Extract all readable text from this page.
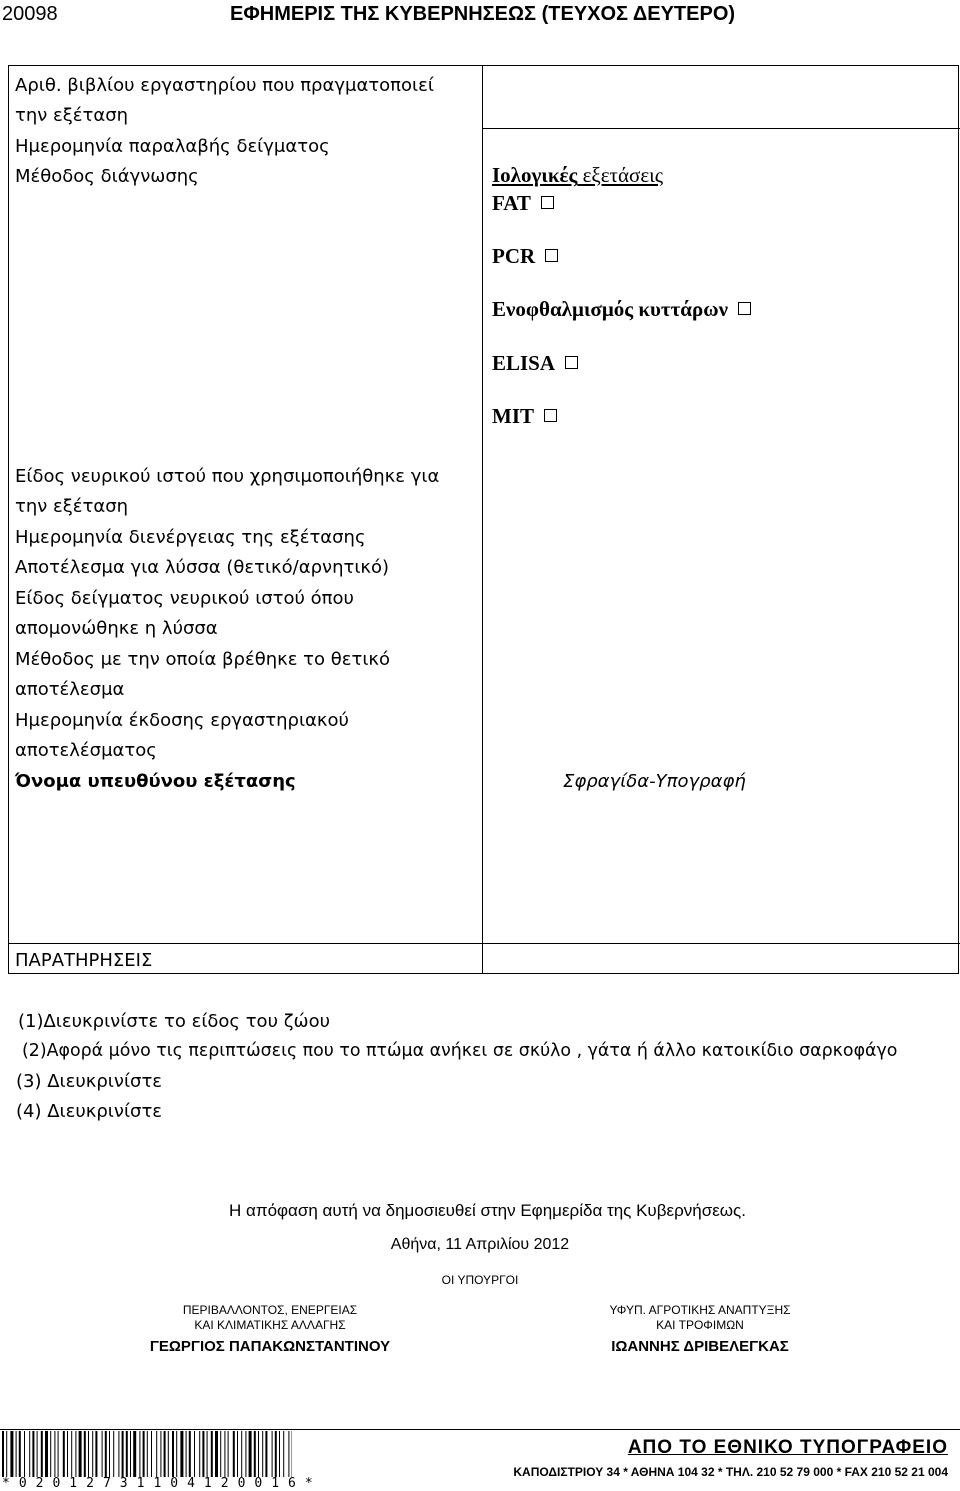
20098	ΕΦΗΜΕΡΙΣ ΤΗΣ ΚΥΒΕΡΝΗΣΕΩΣ (ΤΕΥΧΟΣ ΔΕΥΤΕΡΟ)
Αριθ. βιβλίου εργαστηρίου που πραγματοποιεί
την εξέταση
Ημερομηνία παραλαβής δείγματος
Μέθοδος διάγνωσης	Ιολογικές εξετάσεις
FAT
PCR
Ενοφθαλμισμός κυττάρων
ELISA
MIT
Είδος νευρικού ιστού που χρησιμοποιήθηκε για
την εξέταση
Ημερομηνία διενέργειας της εξέτασης
Αποτέλεσμα για λύσσα (θετικό/αρνητικό)
Είδος δείγματος νευρικού ιστού όπου
απομονώθηκε η λύσσα
Μέθοδος με την οποία βρέθηκε το θετικό
αποτέλεσμα
Ημερομηνία έκδοσης εργαστηριακού
αποτελέσματος
Όνομα υπευθύνου εξέτασης	Σφραγίδα-Υπογραφή
ΠΑΡΑΤΗΡΗΣΕΙΣ
(1)Διευκρινίστε το είδος του ζώου
(2)Αφορά μόνο τις περιπτώσεις που το πτώμα ανήκει σε σκύλο , γάτα ή άλλο κατοικίδιο σαρκοφάγο
(3) Διευκρινίστε
(4) Διευκρινίστε
Η απόφαση αυτή να δημοσιευθεί στην Εφημερίδα της Κυβερνήσεως.
Αθήνα, 11 Απριλίου 2012
ΟΙ ΥΠΟΥΡΓΟΙ
ΠΕΡΙΒΑΛΛΟΝΤΟΣ, ΕΝΕΡΓΕΙΑΣ
ΚΑΙ ΚΛΙΜΑΤΙΚΗΣ ΑΛΛΑΓΗΣ
ΓΕΩΡΓΙΟΣ ΠΑΠΑΚΩΝΣΤΑΝΤΙΝΟΥ
ΥΦΥΠ. ΑΓΡΟΤΙΚΗΣ ΑΝΑΠΤΥΞΗΣ
ΚΑΙ ΤΡΟΦΙΜΩΝ
ΙΩΑΝΝΗΣ ΔΡΙΒΕΛΕΓΚΑΣ
*02012731104120016*
ΑΠΟ ΤΟ ΕΘΝΙΚΟ ΤΥΠΟΓΡΑΦΕΙΟ
ΚΑΠΟΔΙΣΤΡΙΟΥ 34 * ΑΘΗΝΑ 104 32 * ΤΗΛ. 210 52 79 000 * FAX 210 52 21 004
